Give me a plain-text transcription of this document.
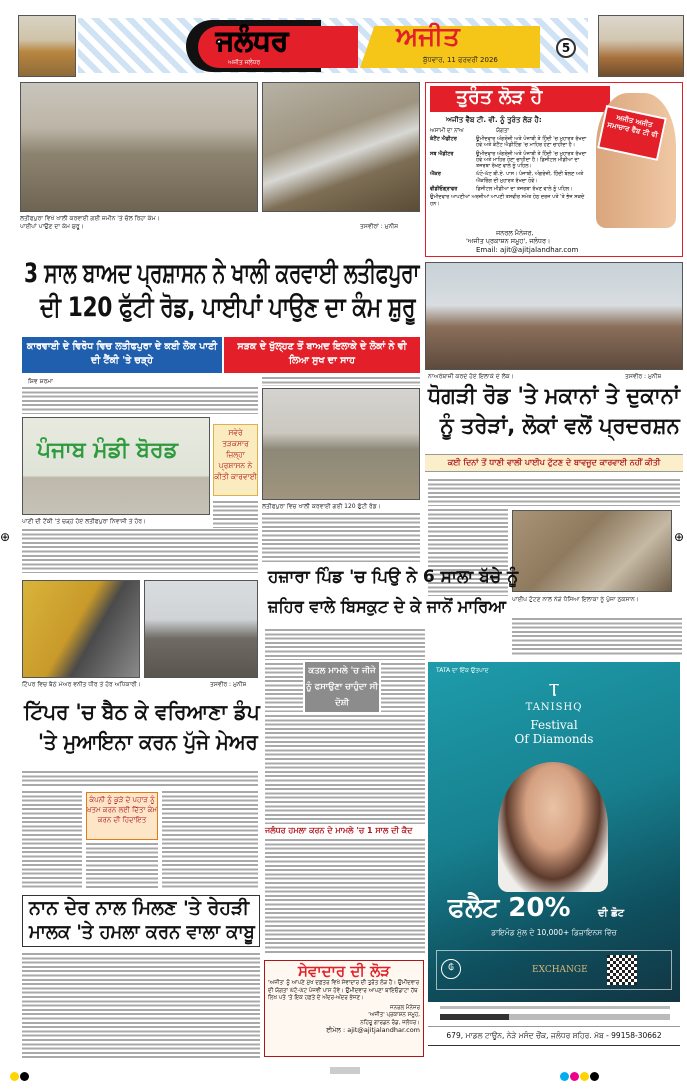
⊕	⊕
ਜਲੰਧਰ
ਅਜੀਤ ਜਲੰਧਰ
ਅਜੀਤ
ਬੁੱਧਵਾਰ, 11 ਫਰਵਰੀ 2026
5
ਲਤੀਫਪੁਰਾ ਵਿਖੇ ਖਾਲੀ ਕਰਵਾਈ ਗਈ ਜ਼ਮੀਨ 'ਤੇ ਚੱਲ ਰਿਹਾ ਕੰਮ।
ਪਾਈਪਾਂ ਪਾਉਣ ਦਾ ਕੰਮ ਸ਼ੁਰੂ।	ਤਸਵੀਰਾਂ : ਮੁਨੀਸ਼
ਤੁਰੰਤ ਲੋੜ ਹੈ
ਅਜੀਤ ਵੈੱਬ ਟੀ. ਵੀ. ਨੂੰ ਤੁਰੰਤ ਲੋੜ ਹੈ:
ਅਸਾਮੀ ਦਾ ਨਾਂਅ	ਯੋਗਤਾ
ਕੰਟੈਂਟ ਐਡੀਟਰ	ਉਮੀਦਵਾਰ ਅੰਗਰੇਜ਼ੀ ਅਤੇ ਪੰਜਾਬੀ ਤੇ ਹਿੰਦੀ 'ਚ ਮੁਹਾਰਤ ਰੱਖਦਾ ਹੋਵੇ ਅਤੇ ਕੰਟੈਂਟ ਐਡੀਟਿੰਗ 'ਚ ਮਾਹਿਰ ਹੋਣਾ ਚਾਹੀਦਾ ਹੈ।
ਸਬ ਐਡੀਟਰ	ਉਮੀਦਵਾਰ ਅੰਗਰੇਜ਼ੀ ਅਤੇ ਪੰਜਾਬੀ ਤੇ ਹਿੰਦੀ 'ਚ ਮੁਹਾਰਤ ਰੱਖਦਾ ਹੋਵੇ ਅਤੇ ਮਾਹਿਰ ਹੋਣਾ ਚਾਹੀਦਾ ਹੈ। ਡਿਜੀਟਲ ਮੀਡੀਆ ਦਾ ਤਜਰਬਾ ਰੱਖਣ ਵਾਲੇ ਨੂੰ ਪਹਿਲ।
ਐਂਕਰ	ਘੱਟੋ-ਘੱਟ ਬੀ.ਏ. ਪਾਸ। ਪੰਜਾਬੀ, ਅੰਗਰੇਜ਼ੀ, ਹਿੰਦੀ ਬੋਲਣ ਅਤੇ ਐਂਕਰਿੰਗ ਦੀ ਮੁਹਾਰਤ ਰੱਖਦਾ ਹੋਵੇ।
ਵੀਡੀਓਗ੍ਰਾਫਰ	ਡਿਜੀਟਲ ਮੀਡੀਆ ਦਾ ਤਜਰਬਾ ਰੱਖਣ ਵਾਲੇ ਨੂੰ ਪਹਿਲ।
ਉਮੀਦਵਾਰ ਆਪਣੀਆਂ ਅਰਜ਼ੀਆਂ ਆਪਣੀ ਤਸਵੀਰ ਸਮੇਤ ਹੇਠ ਦਰਜ ਪਤੇ 'ਤੇ ਭੇਜ ਸਕਦੇ ਹਨ।
ਅਜੀਤ ਅਜੀਤ ਸਮਾਚਾਰ ਵੈੱਬ ਟੀ ਵੀ
ਜਨਰਲ ਮੈਨੇਜਰ,
'ਅਜੀਤ ਪ੍ਰਕਾਸ਼ਨ ਸਮੂਹ', ਜਲੰਧਰ।
Email: ajit@ajitjalandhar.com
3 ਸਾਲ ਬਾਅਦ ਪ੍ਰਸ਼ਾਸਨ ਨੇ ਖਾਲੀ ਕਰਵਾਈ ਲਤੀਫਪੁਰਾ
ਦੀ 120 ਫੁੱਟੀ ਰੋਡ, ਪਾਈਪਾਂ ਪਾਉਣ ਦਾ ਕੰਮ ਸ਼ੁਰੂ
ਕਾਰਵਾਈ ਦੇ ਵਿਰੋਧ ਵਿਚ ਲਤੀਫਪੁਰਾ ਦੇ ਕਈ ਲੋਕ ਪਾਣੀ ਦੀ ਟੈਂਕੀ 'ਤੇ ਚੜ੍ਹੇ
ਸੜਕ ਦੇ ਖੁੱਲ੍ਹਣ ਤੋਂ ਬਾਅਦ ਇਲਾਕੇ ਦੇ ਲੋਕਾਂ ਨੇ ਵੀ ਲਿਆ ਸੁਖ ਦਾ ਸਾਹ
ਸ਼ਿਵ ਸ਼ਰਮਾ
ਪੰਜਾਬ ਮੰਡੀ ਬੋਰਡ
ਪਾਣੀ ਦੀ ਟੈਂਕੀ 'ਤੇ ਚੜ੍ਹੇ ਹੋਏ ਲਤੀਫਪੁਰਾ ਨਿਵਾਸੀ ਤੇ ਹੋਰ।
ਸਵੇਰੇ ਤੜਕਸਾਰ ਜ਼ਿਲ੍ਹਾ ਪ੍ਰਸ਼ਾਸਨ ਨੇ ਕੀਤੀ ਕਾਰਵਾਈ
ਲਤੀਫਪੁਰਾ ਵਿਚ ਖਾਲੀ ਕਰਵਾਈ ਗਈ 120 ਫੁੱਟੀ ਰੋਡ।
ਨਾਅਰੇਬਾਜ਼ੀ ਕਰਦੇ ਹੋਏ ਇਲਾਕੇ ਦੇ ਲੋਕ।	ਤਸਵੀਰ : ਮੁਨੀਸ਼
ਧੋਗੜੀ ਰੋਡ 'ਤੇ ਮਕਾਨਾਂ ਤੇ ਦੁਕਾਨਾਂ
ਨੂੰ ਤਰੇੜਾਂ, ਲੋਕਾਂ ਵਲੋਂ ਪ੍ਰਦਰਸ਼ਨ
ਕਈ ਦਿਨਾਂ ਤੋਂ ਧਾਣੀ ਵਾਲੀ ਪਾਈਪ ਟੁੱਟਣ ਦੇ ਬਾਵਜੂਦ ਕਾਰਵਾਈ ਨਹੀਂ ਕੀਤੀ
ਪਾਈਪ ਟੁੱਟਣ ਨਾਲ ਨੇੜੇ ਧੱਸਿਆ ਇਲਾਕਾ ਨੂੰ ਪੁੱਜਾ ਨੁਕਸਾਨ।
ਹਜ਼ਾਰਾ ਪਿੰਡ 'ਚ ਪਿਉ ਨੇ 6 ਸਾਲਾ ਬੱਚੇ ਨੂੰ
ਜ਼ਹਿਰ ਵਾਲੇ ਬਿਸਕੁਟ ਦੇ ਕੇ ਜਾਨੋਂ ਮਾਰਿਆ
ਕਤਲ ਮਾਮਲੇ 'ਚ ਜੀਜੇ ਨੂੰ ਫਸਾਉਣਾ ਚਾਹੁੰਦਾ ਸੀ ਦੋਸ਼ੀ
ਜਲੰਧਰ ਹਮਲਾ ਕਰਨ ਦੇ ਮਾਮਲੇ 'ਚ 1 ਸਾਲ ਦੀ ਕੈਦ
ਟਿੱਪਰ ਵਿਚ ਬੈਠੇ ਮੇਅਰ ਵਨੀਤ ਧੀਰ ਤੇ ਹੋਰ ਅਧਿਕਾਰੀ।	ਤਸਵੀਰ : ਮੁਨੀਸ਼
ਟਿੱਪਰ 'ਚ ਬੈਠ ਕੇ ਵਰਿਆਣਾ ਡੰਪ
'ਤੇ ਮੁਆਇਨਾ ਕਰਨ ਪੁੱਜੇ ਮੇਅਰ
ਕੰਪਨੀ ਨੂੰ ਕੂੜੇ ਦੇ ਪਹਾੜ ਨੂੰ ਖ਼ਤਮ ਕਰਨ ਲਈ ਦਿੱਤਾ ਕੰਮ ਕਰਨ ਦੀ ਹਿਦਾਇਤ
ਨਾਨ ਦੇਰ ਨਾਲ ਮਿਲਣ 'ਤੇ ਰੇਹੜੀ
ਮਾਲਕ 'ਤੇ ਹਮਲਾ ਕਰਨ ਵਾਲਾ ਕਾਬੂ
ਸੇਵਾਦਾਰ ਦੀ ਲੋੜ
'ਅਜੀਤ' ਨੂੰ ਆਪਣੇ ਮੁੱਖ ਦਫ਼ਤਰ ਵਿਖੇ ਸੇਵਾਦਾਰ ਦੀ ਤੁਰੰਤ ਲੋੜ ਹੈ। ਉਮੀਦਵਾਰ ਦੀ ਯੋਗਤਾ ਘੱਟੋ-ਘੱਟ ਪੰਜਵੀਂ ਪਾਸ ਹੋਵੇ। ਉਮੀਦਵਾਰ ਆਪਣਾ ਬਾਇਓਡਾਟਾ ਹੱਥ ਲਿਖ ਪਤੇ 'ਤੇ ਇਕ ਹਫ਼ਤੇ ਦੇ ਅੰਦਰ-ਅੰਦਰ ਭੇਜਣ।
ਜਨਰਲ ਮੈਨੇਜਰ
'ਅਜੀਤ' ਪ੍ਰਕਾਸ਼ਨ ਸਮੂਹ,
ਨਹਿਰੂ ਗਾਰਡਨ ਰੋਡ, ਜਲੰਧਰ।
ਈਮੇਲ : ajit@ajitjalandhar.com
TATA ਦਾ ਇੱਕ ਉਤਪਾਦ
Ⲧ
TANISHQ
Festival
Of Diamonds
ਫਲੈਟ 20%	ਦੀ ਛੋਟ
ਡਾਇਮੰਡ ਮੁੱਲ ਦੇ 10,000+ ਡਿਜ਼ਾਇਨਸ ਵਿੱਚ
₲	EXCHANGE
679, ਮਾਡਲ ਟਾਊਨ, ਨੇੜੇ ਮਸੰਦ ਚੌਂਕ, ਜਲੰਧਰ ਸ਼ਹਿਰ. ਮੋਬ - 99158-30662
